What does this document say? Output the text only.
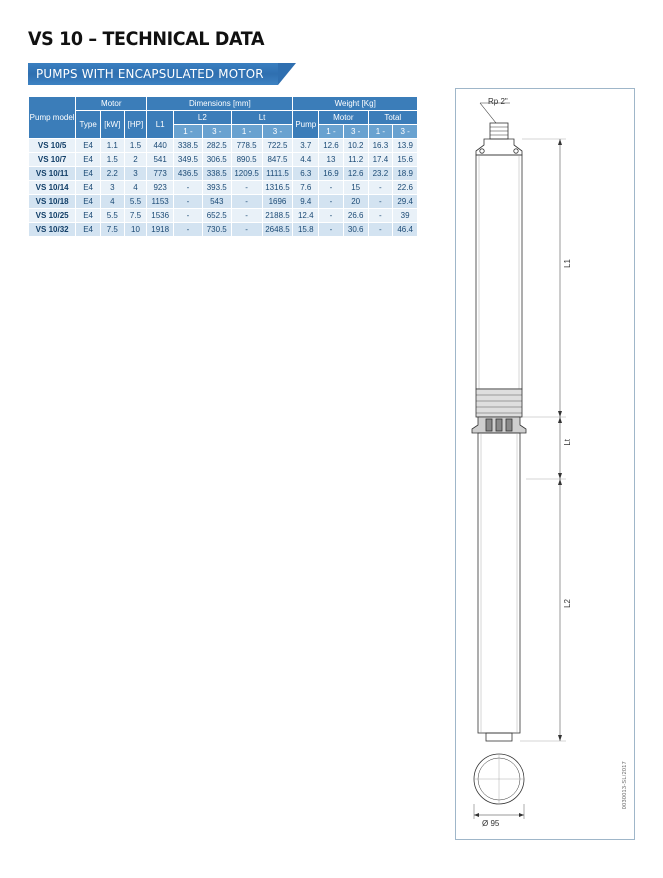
VS 10 – TECHNICAL DATA
PUMPS WITH ENCAPSULATED MOTOR
Pump model	Motor			Dimensions [mm]					Weight [Kg]				
	Type	[kW]	[HP]	L1	L2		Lt		Pump	Motor		Total	
					1 -	3 -	1 -	3 -		1 -	3 -	1 -	3 -
VS 10/5	E4	1.1	1.5	440	338.5	282.5	778.5	722.5	3.7	12.6	10.2	16.3	13.9
VS 10/7	E4	1.5	2	541	349.5	306.5	890.5	847.5	4.4	13	11.2	17.4	15.6
VS 10/11	E4	2.2	3	773	436.5	338.5	1209.5	1111.5	6.3	16.9	12.6	23.2	18.9
VS 10/14	E4	3	4	923	-	393.5	-	1316.5	7.6	-	15	-	22.6
VS 10/18	E4	4	5.5	1153	-	543	-	1696	9.4	-	20	-	29.4
VS 10/25	E4	5.5	7.5	1536	-	652.5	-	2188.5	12.4	-	26.6	-	39
VS 10/32	E4	7.5	10	1918	-	730.5	-	2648.5	15.8	-	30.6	-	46.4
Rp 2"
L1
Lt
L2
Ø 95
0030013-SL/2017
